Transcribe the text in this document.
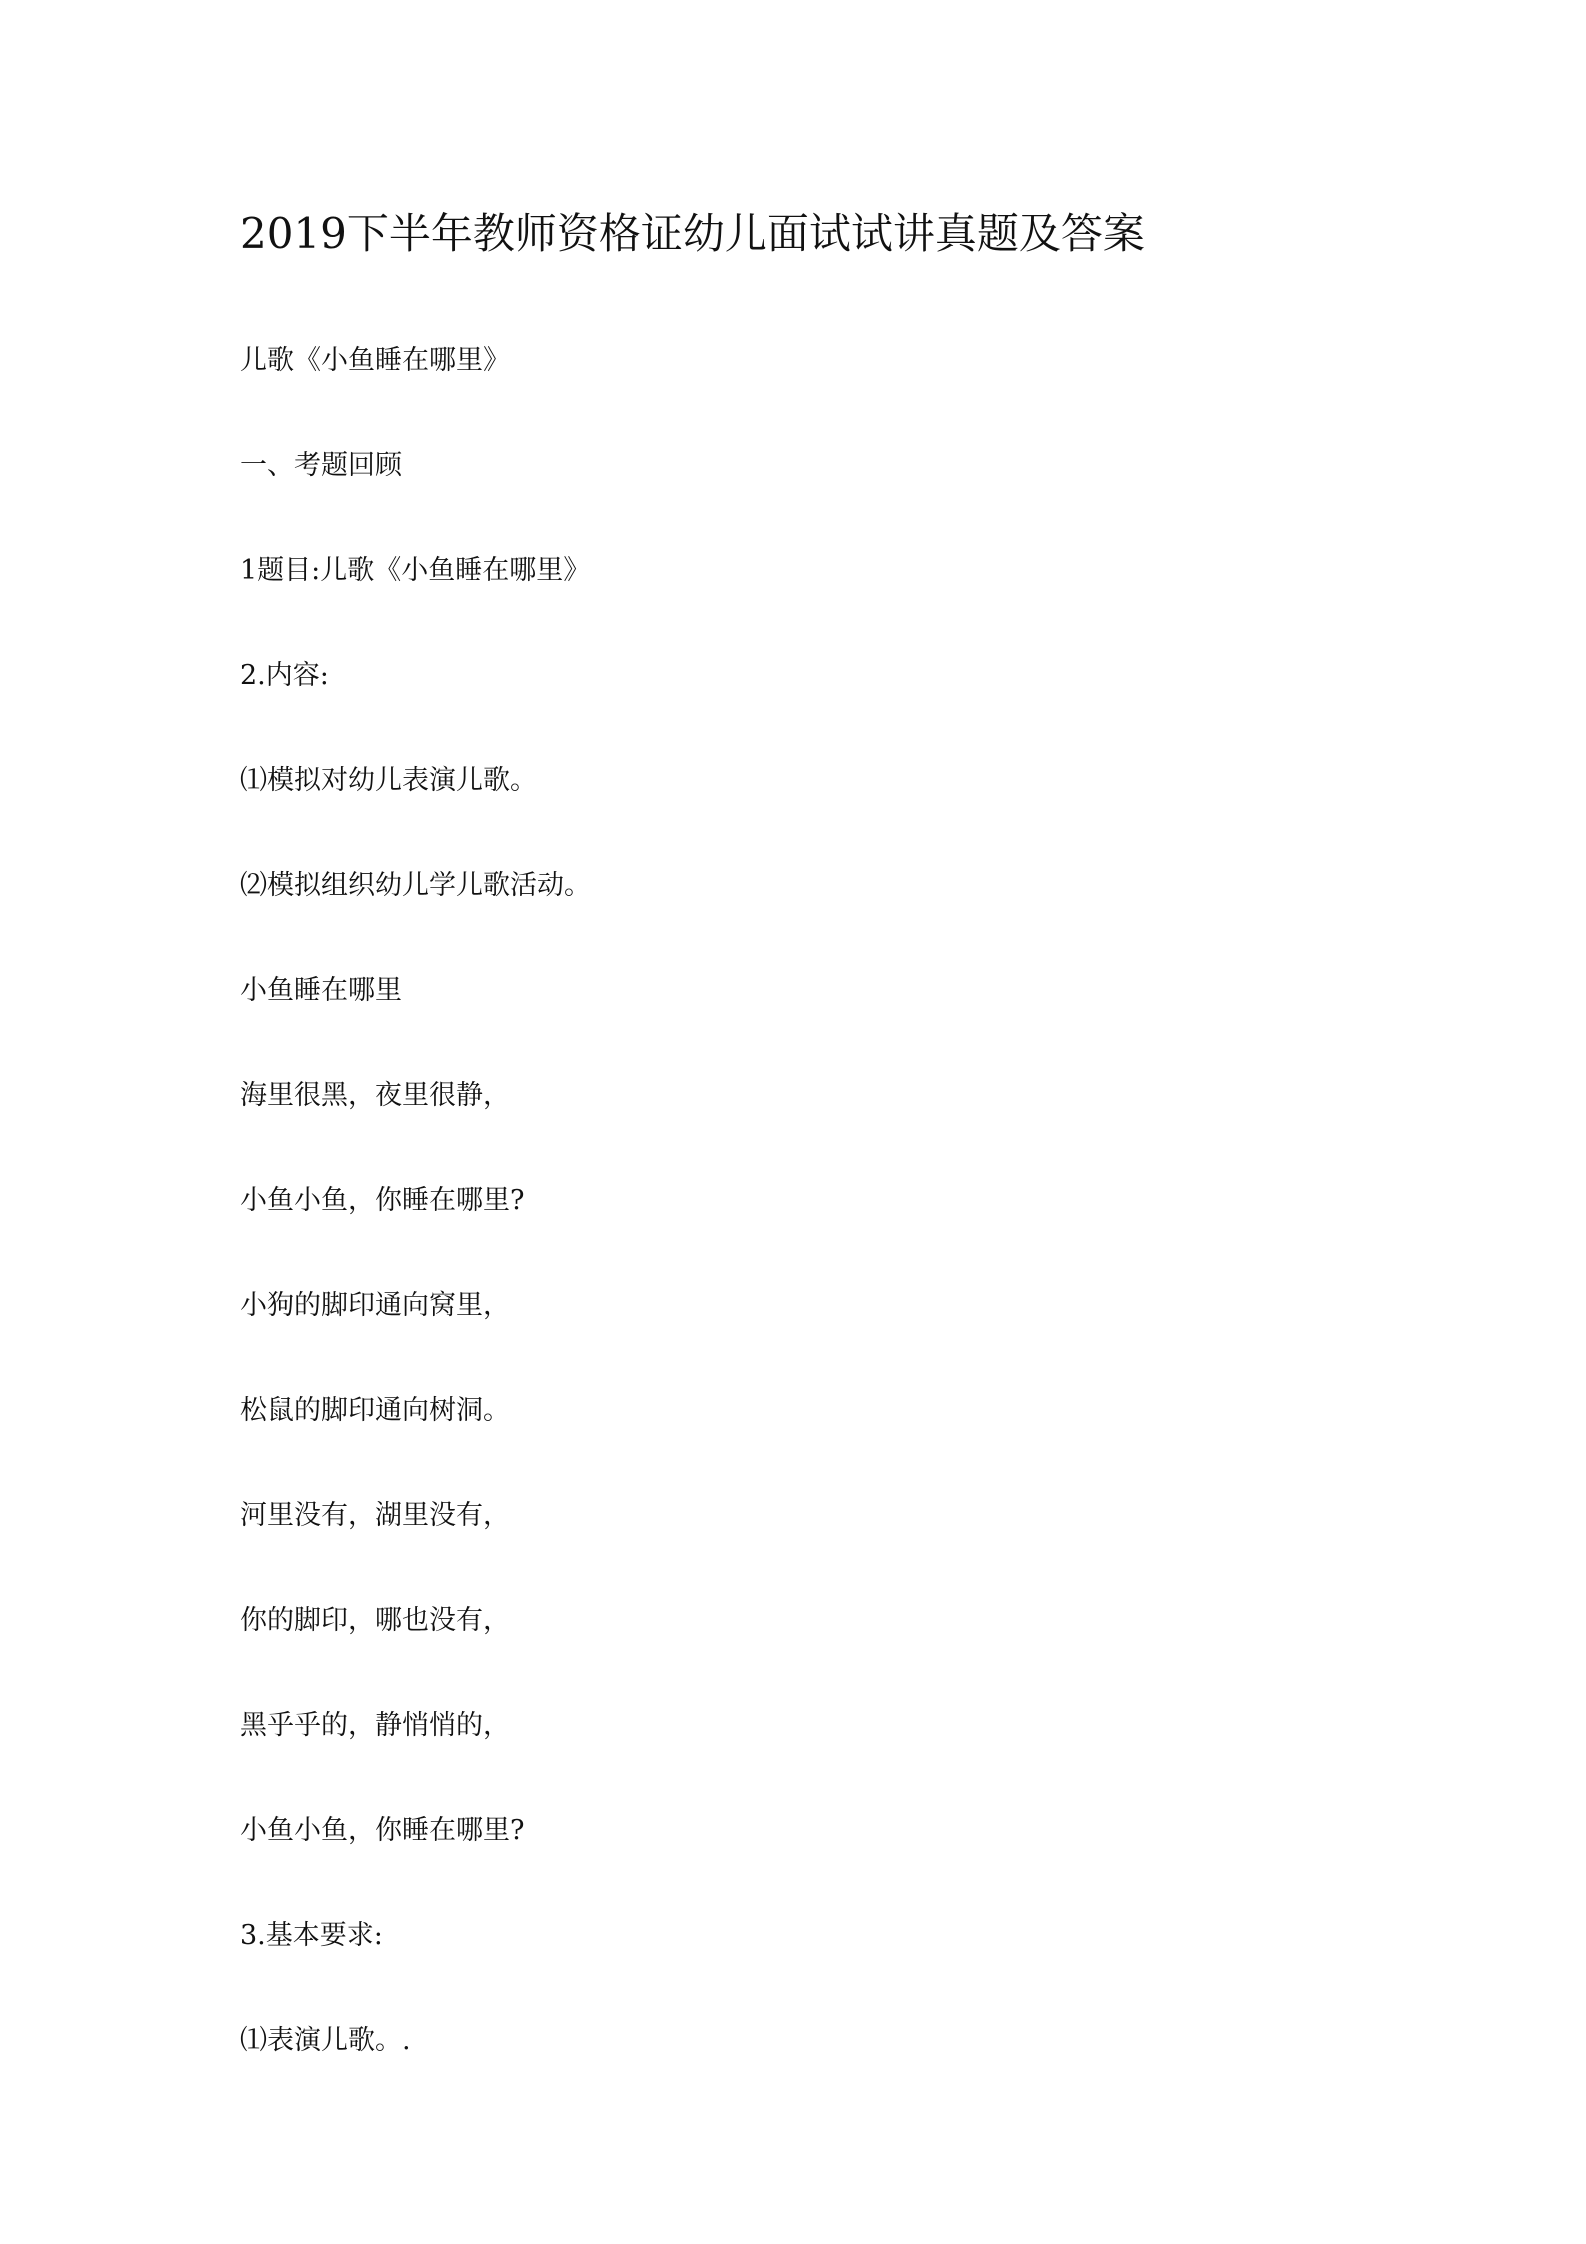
2019下半年教师资格证幼儿面试试讲真题及答案
儿歌《小鱼睡在哪里》
一、考题回顾
1题目:儿歌《小鱼睡在哪里》
2.内容:
⑴模拟对幼儿表演儿歌。
⑵模拟组织幼儿学儿歌活动。
小鱼睡在哪里
海里很黑，夜里很静，
小鱼小鱼，你睡在哪里?
小狗的脚印通向窝里，
松鼠的脚印通向树洞。
河里没有，湖里没有，
你的脚印，哪也没有，
黑乎乎的，静悄悄的，
小鱼小鱼，你睡在哪里?
3.基本要求:
⑴表演儿歌。.
